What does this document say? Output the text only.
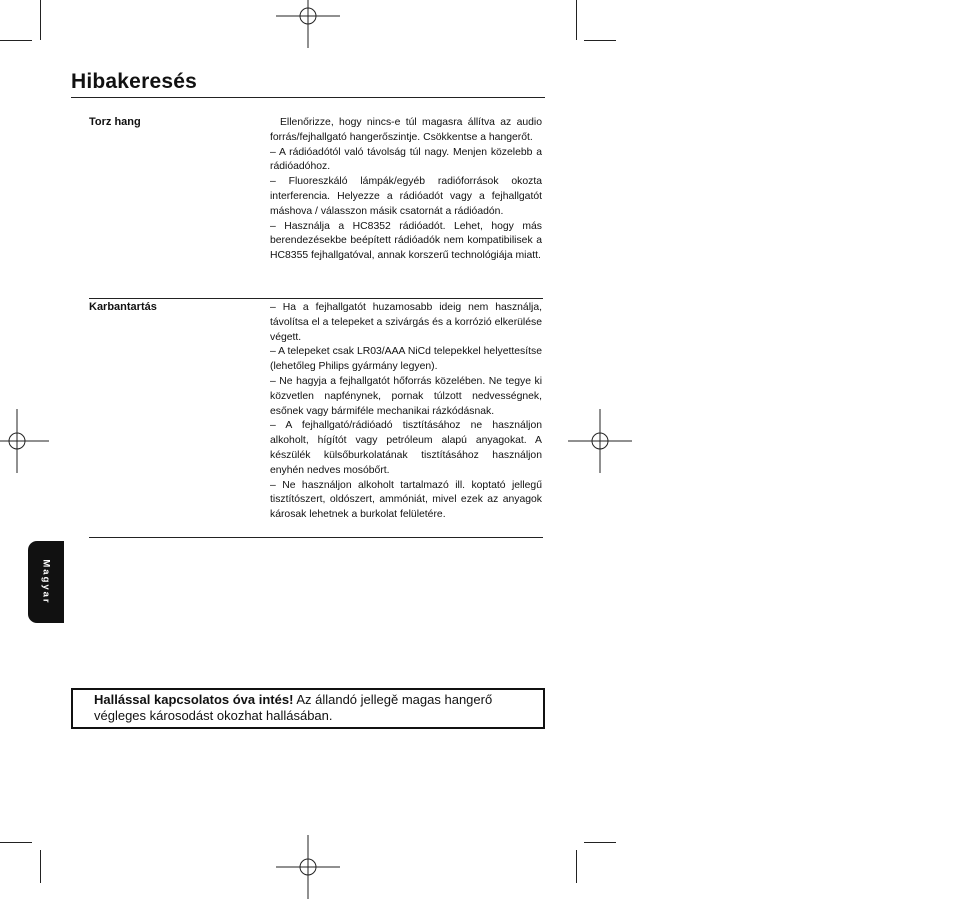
Hibakeresés
Torz hang	Ellenőrizze, hogy nincs-e túl magasra állítva az audio forrás/fejhallgató hangerőszintje. Csökkentse a hangerőt.
– A rádióadótól való távolság túl nagy. Menjen közelebb a rádióadóhoz.
– Fluoreszkáló lámpák/egyéb radióforrások okozta interferencia. Helyezze a rádióadót vagy a fejhallgatót máshova / válasszon másik csatornát a rádióadón.
– Használja a HC8352 rádióadót. Lehet, hogy más berendezésekbe beépített rádióadók nem kompatibilisek a HC8355 fejhallgatóval, annak korszerű technológiája miatt.
Karbantartás	– Ha a fejhallgatót huzamosabb ideig nem használja, távolítsa el a telepeket a szivárgás és a korrózió elkerülése végett.
– A telepeket csak LR03/AAA NiCd telepekkel helyettesítse (lehetőleg Philips gyármány legyen).
– Ne hagyja a fejhallgatót hőforrás közelében. Ne tegye ki közvetlen napfénynek, pornak túlzott nedvességnek, esőnek vagy bármiféle mechanikai rázkódásnak.
– A fejhallgató/rádióadó tisztításához ne használjon alkoholt, hígítót vagy petróleum alapú anyagokat. A készülék külsőburkolatának tisztításához használjon enyhén nedves mosóbőrt.
– Ne használjon alkoholt tartalmazó ill. koptató jellegű tisztítószert, oldószert, ammóniát, mivel ezek az anyagok károsak lehetnek a burkolat felületére.
Magyar

Hallással kapcsolatos óva intés! Az állandó jellegě magas hangerő végleges károsodást okozhat hallásában.
